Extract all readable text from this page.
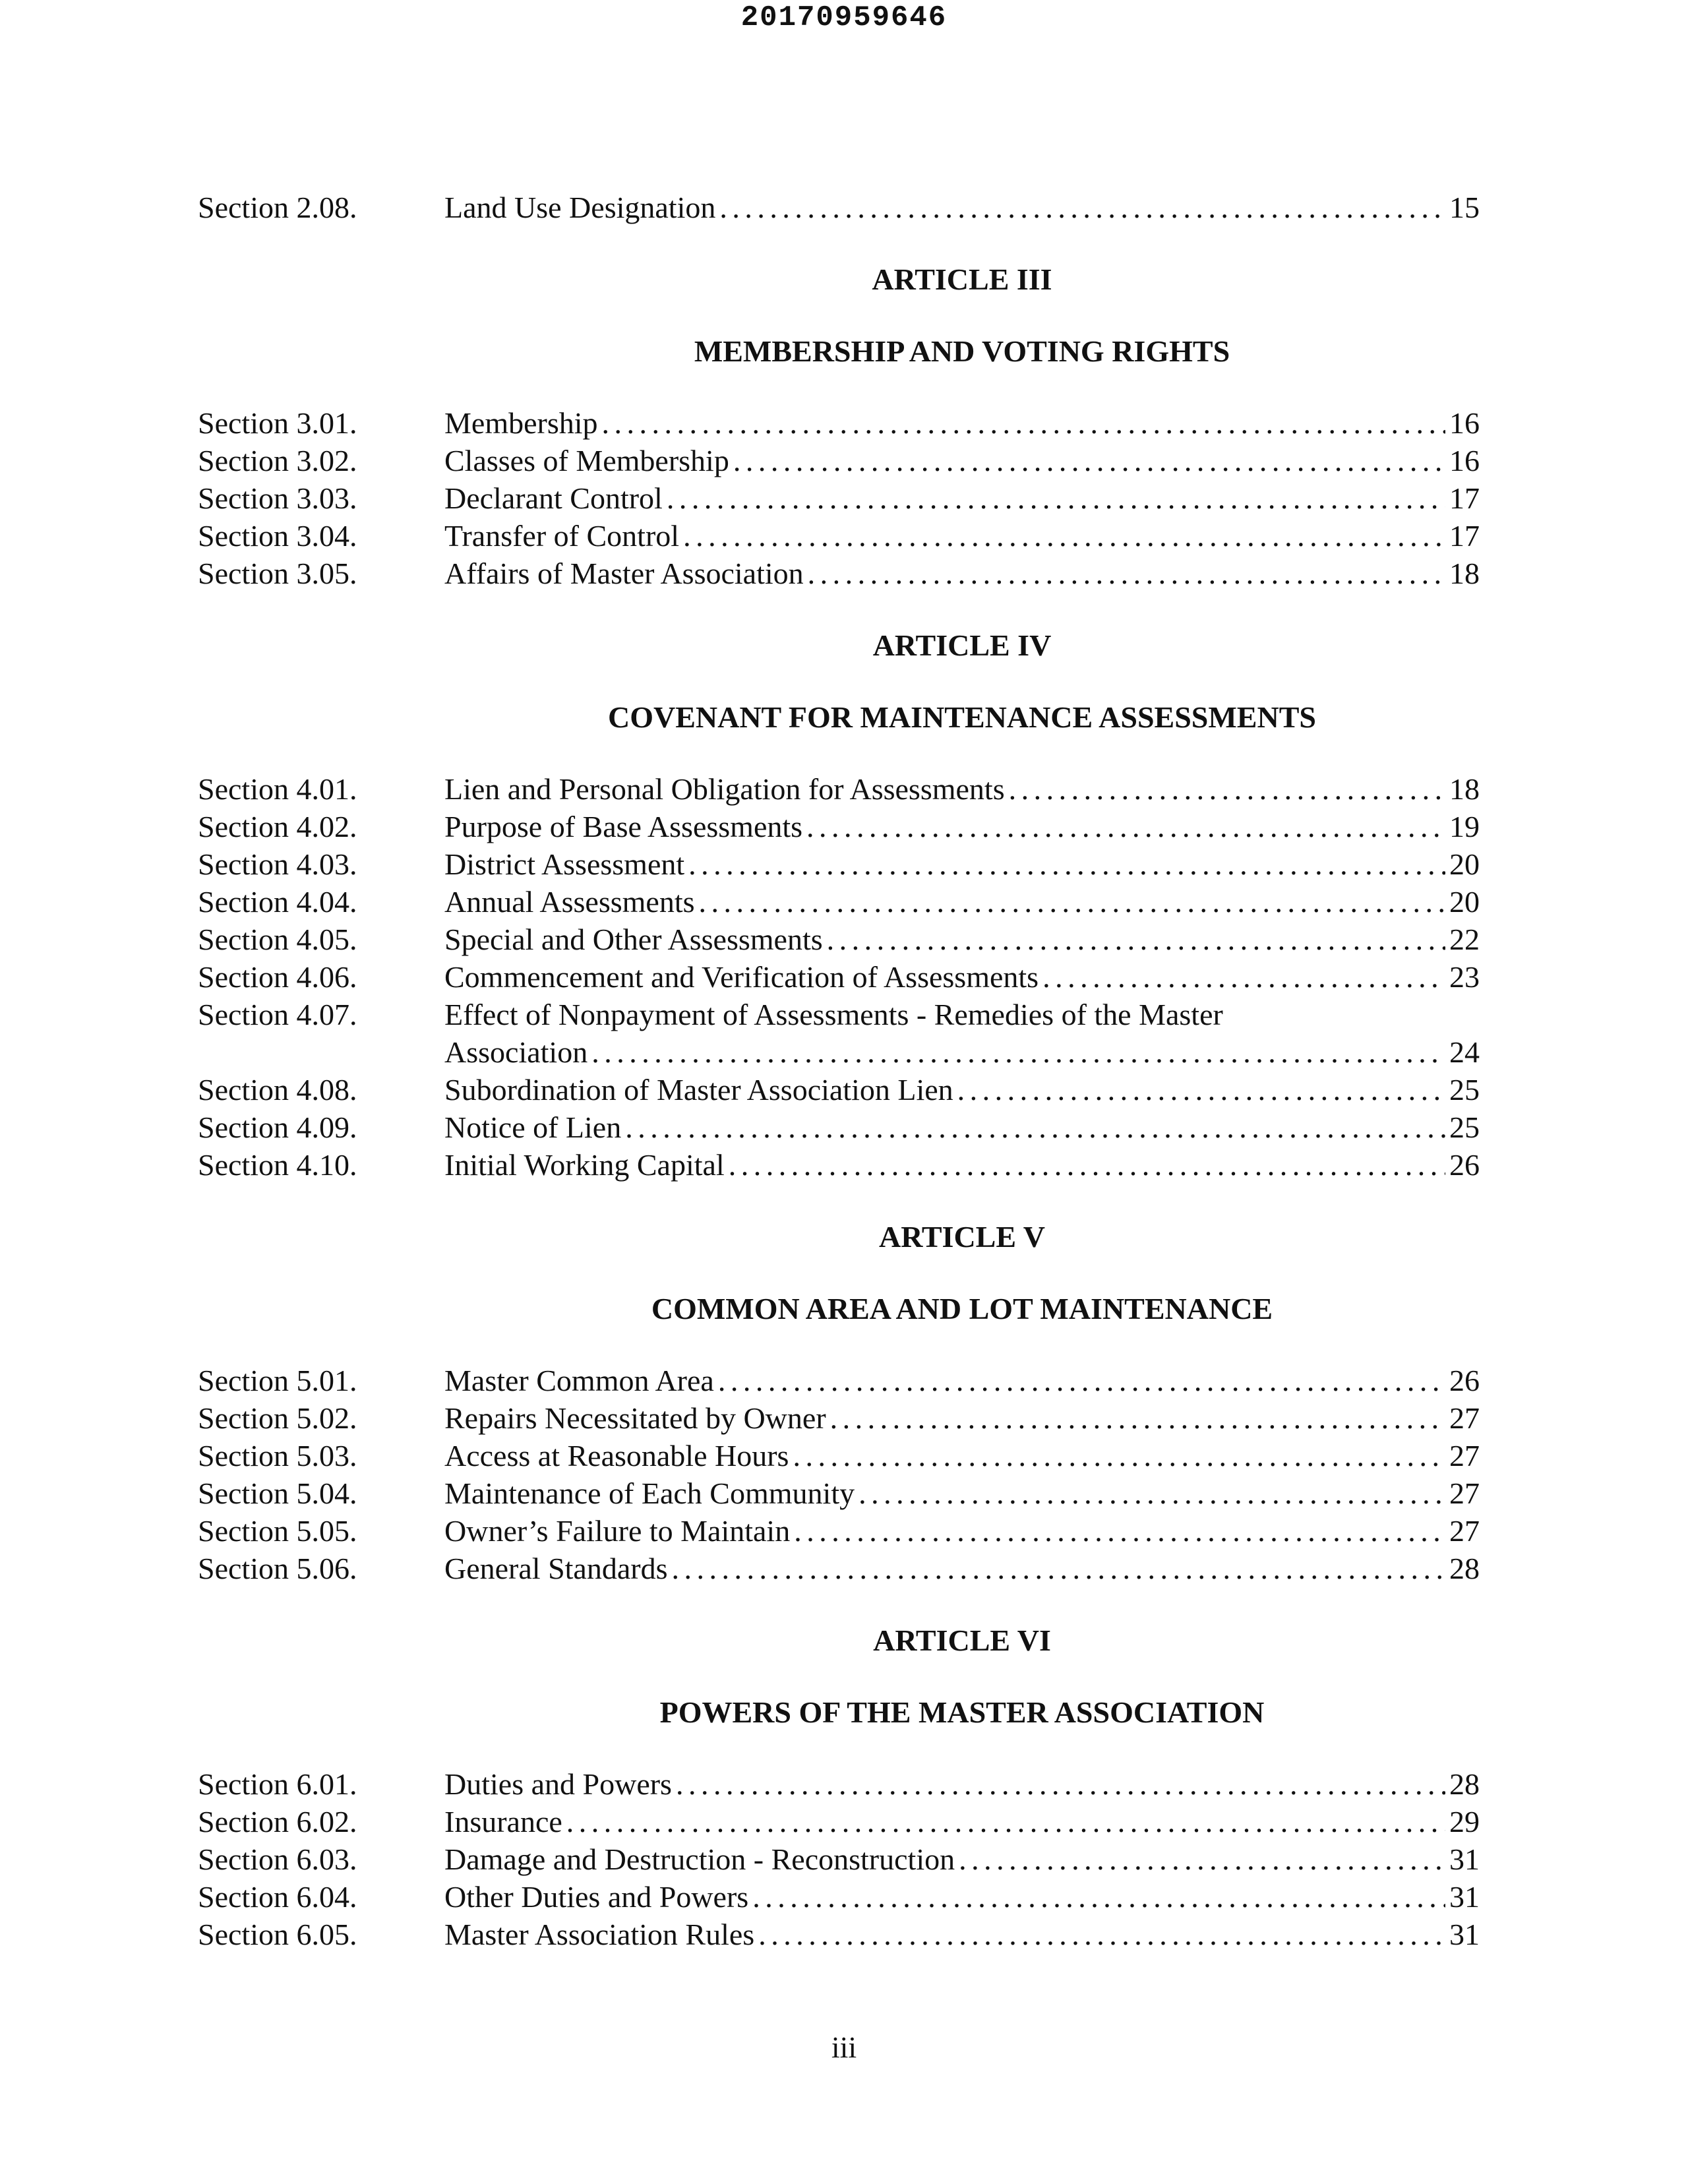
20170959646
Section 2.08.	Land Use Designation . . .	15
ARTICLE III
MEMBERSHIP AND VOTING RIGHTS
Section 3.01.	Membership . . .	16
Section 3.02.	Classes of Membership . . .	16
Section 3.03.	Declarant Control . . .	17
Section 3.04.	Transfer of Control . . .	17
Section 3.05.	Affairs of Master Association . . .	18
ARTICLE IV
COVENANT FOR MAINTENANCE ASSESSMENTS
Section 4.01.	Lien and Personal Obligation for Assessments . . .	18
Section 4.02.	Purpose of Base Assessments . . .	19
Section 4.03.	District Assessment . . .	20
Section 4.04.	Annual Assessments . . .	20
Section 4.05.	Special and Other Assessments . . .	22
Section 4.06.	Commencement and Verification of Assessments . . .	23
Section 4.07.	Effect of Nonpayment of Assessments - Remedies of the Master
Association . . .	24
Section 4.08.	Subordination of Master Association Lien . . .	25
Section 4.09.	Notice of Lien . . .	25
Section 4.10.	Initial Working Capital . . .	26
ARTICLE V
COMMON AREA AND LOT MAINTENANCE
Section 5.01.	Master Common Area . . .	26
Section 5.02.	Repairs Necessitated by Owner . . .	27
Section 5.03.	Access at Reasonable Hours . . .	27
Section 5.04.	Maintenance of Each Community . . .	27
Section 5.05.	Owner’s Failure to Maintain . . .	27
Section 5.06.	General Standards . . .	28
ARTICLE VI
POWERS OF THE MASTER ASSOCIATION
Section 6.01.	Duties and Powers . . .	28
Section 6.02.	Insurance . . .	29
Section 6.03.	Damage and Destruction - Reconstruction . . .	31
Section 6.04.	Other Duties and Powers . . .	31
Section 6.05.	Master Association Rules . . .	31
iii
